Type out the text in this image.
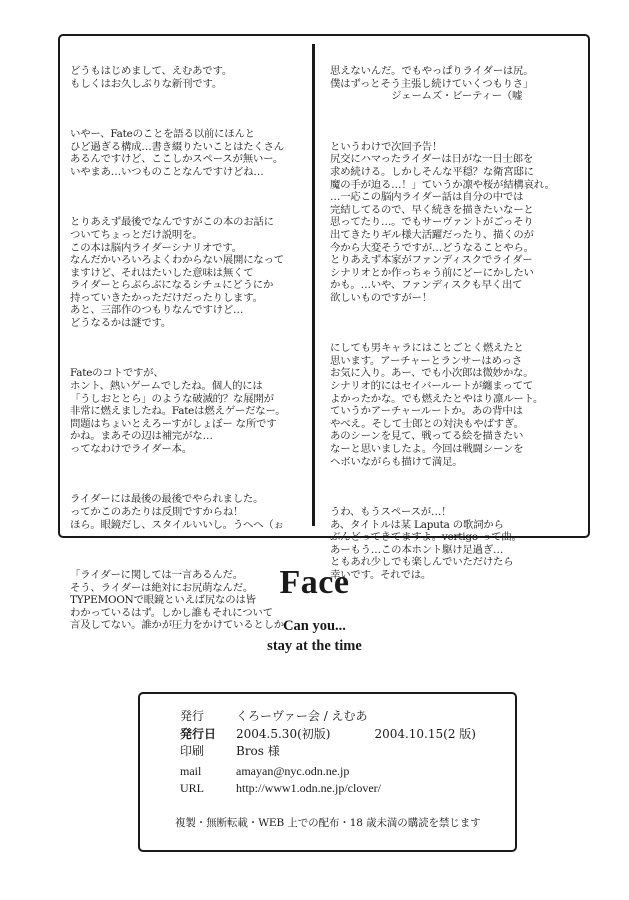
どうもはじめまして、えむあです。
もしくはお久しぶりな新刊です。

いやー、Fateのことを語る以前にほんと
ひど過ぎる構成…書き綴りたいことはたくさん
あるんですけど、ここしかスペースが無いー。
いやまあ…いつものことなんですけどね…

とりあえず最後でなんですがこの本のお話に
ついてちょっとだけ説明を。
この本は脳内ライダーシナリオです。
なんだかいろいろよくわからない展開になって
ますけど、それはたいした意味は無くて
ライダーとらぶらぶになるシチュにどうにか
持っていきたかっただけだったりします。
あと、三部作のつもりなんですけど…
どうなるかは謎です。

Fateのコトですが、
ホント、熱いゲームでしたね。個人的には
「うしおととら」のような破滅的？な展開が
非常に燃えましたね。Fateは燃えゲーだなー。
問題はちょいとえろーすがしょぼー な所です
かね。まあその辺は補完がな…
ってなわけでライダー本。

ライダーには最後の最後でやられました。
ってかこのあたりは反則ですからね！
ほら。眼鏡だし、スタイルいいし。うへへ（ぉ

「ライダーに関しては一言あるんだ。
そう、ライダーは絶対にお尻萌なんだ。
TYPEMOONで眼鏡といえば尻なのは皆
わかっているはず。しかし誰もそれについて
言及してない。誰かが圧力をかけているとしか

思えないんだ。でもやっぱりライダーは尻。
僕はずっとそう主張し続けていくつもりさ」
　　　　　　ジェームズ・ビーティー（嘘

というわけで次回予告！
尻交にハマったライダーは日がな一日士郎を
求め続ける。しかしそんな平穏？な衛宮邸に
魔の手が迫る…！」ていうか凛や桜が結構哀れ。
…一応この脳内ライダー話は自分の中では
完結してるので、早く続きを描きたいなーと
思ってたり…。でもサーヴァントがごっそり
出てきたりギル様大活躍だったり、描くのが
今から大変そうですが…どうなることやら。
とりあえず本家がファンディスクでライダー
シナリオとか作っちゃう前にどーにかしたい
かも。…いや、ファンディスクも早く出て
欲しいものですがー！

にしても男キャラにはことごとく燃えたと
思います。アーチャーとランサーはめっさ
お気に入り。あー、でも小次郎は微妙かな。
シナリオ的にはセイバールートが纏まってて
よかったかな。でも燃えたとやはり凛ルート。
ていうかアーチャールートか。あの背中は
やべえ。そして士郎との対決もやばすぎ。
あのシーンを見て、戦ってる絵を描きたい
なーと思いましたよ。今回は戦闘シーンを
ヘボいながらも描けて満足。

うわ、もうスペースが…！
あ、タイトルは某 Laputa の歌詞から
ぶんどってきてますよ。vertigo って曲。
あーもう…この本ホント駆け足過ぎ…
ともあれ少しでも楽しんでいただけたら
幸いです。それでは。

Face
Can you...
stay at the time
発行	くろーヴァー会 / えむあ
発行日	2004.5.30(初版)	2004.10.15(2 版)
印刷	Bros 様
mail	amayan@nyc.odn.ne.jp
URL	http://www1.odn.ne.jp/clover/
複製・無断転載・WEB 上での配布・18 歳未満の購読を禁じます
